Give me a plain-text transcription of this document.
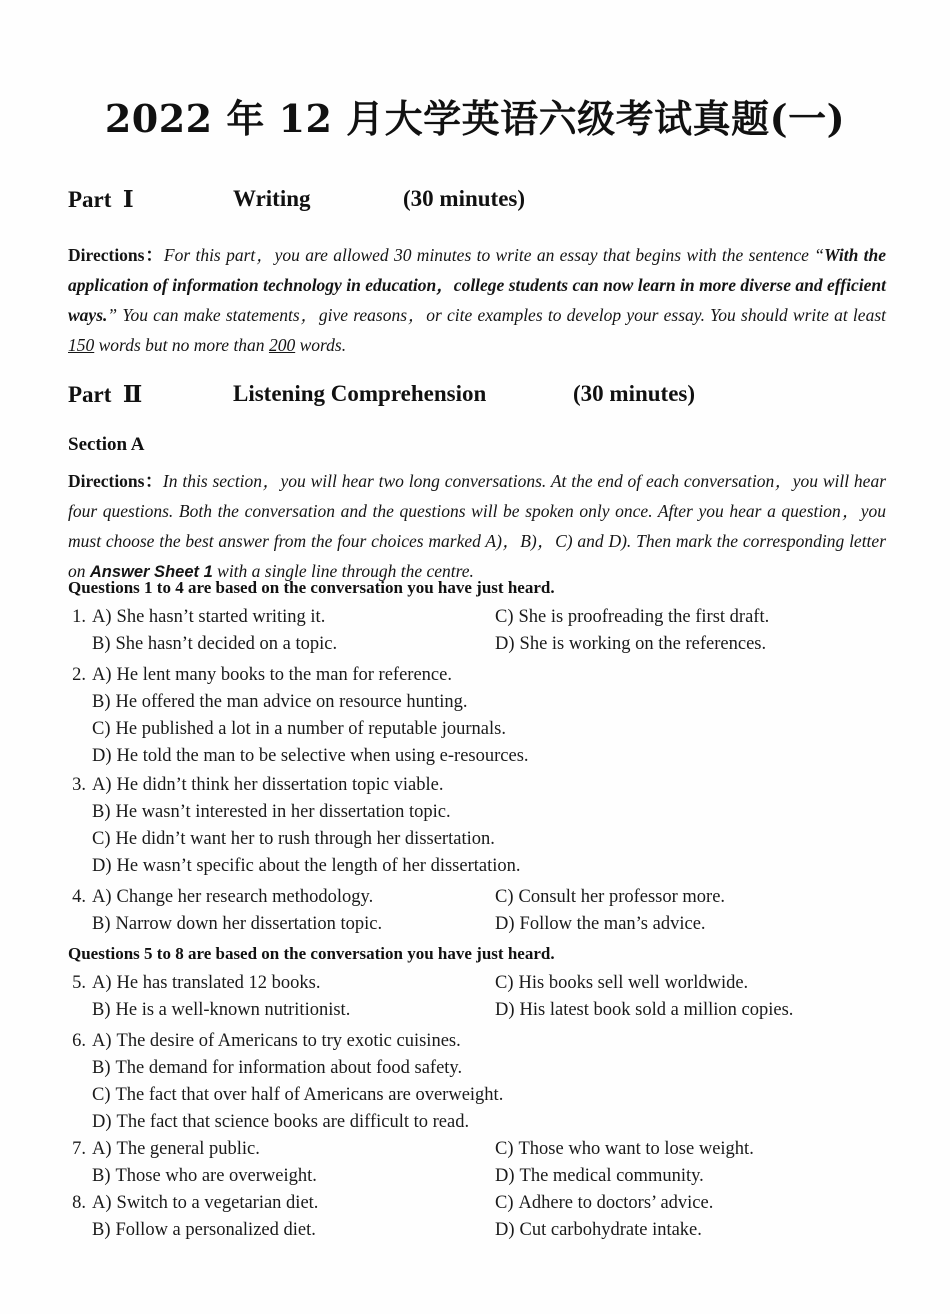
2022 年 12 月大学英语六级考试真题(一)
Part Ⅰ	Writing	(30 minutes)
Directions：For this part，you are allowed 30 minutes to write an essay that begins with the sentence “With the application of information technology in education，college students can now learn in more diverse and efficient ways.” You can make statements，give reasons，or cite examples to develop your essay. You should write at least 150 words but no more than 200 words.
Part Ⅱ	Listening Comprehension	(30 minutes)
Section A
Directions：In this section，you will hear two long conversations. At the end of each conversation，you will hear four questions. Both the conversation and the questions will be spoken only once. After you hear a question，you must choose the best answer from the four choices marked A)，B)，C) and D). Then mark the corresponding letter on Answer Sheet 1 with a single line through the centre.
Questions 1 to 4 are based on the conversation you have just heard.
Questions 5 to 8 are based on the conversation you have just heard.
1. A) She hasn’t started writing it.	C) She is proofreading the first draft.
B) She hasn’t decided on a topic.	D) She is working on the references.
2. A) He lent many books to the man for reference.
B) He offered the man advice on resource hunting.
C) He published a lot in a number of reputable journals.
D) He told the man to be selective when using e-resources.
3. A) He didn’t think her dissertation topic viable.
B) He wasn’t interested in her dissertation topic.
C) He didn’t want her to rush through her dissertation.
D) He wasn’t specific about the length of her dissertation.
4. A) Change her research methodology.	C) Consult her professor more.
B) Narrow down her dissertation topic.	D) Follow the man’s advice.
5. A) He has translated 12 books.	C) His books sell well worldwide.
B) He is a well-known nutritionist.	D) His latest book sold a million copies.
6. A) The desire of Americans to try exotic cuisines.
B) The demand for information about food safety.
C) The fact that over half of Americans are overweight.
D) The fact that science books are difficult to read.
7. A) The general public.	C) Those who want to lose weight.
B) Those who are overweight.	D) The medical community.
8. A) Switch to a vegetarian diet.	C) Adhere to doctors’ advice.
B) Follow a personalized diet.	D) Cut carbohydrate intake.
